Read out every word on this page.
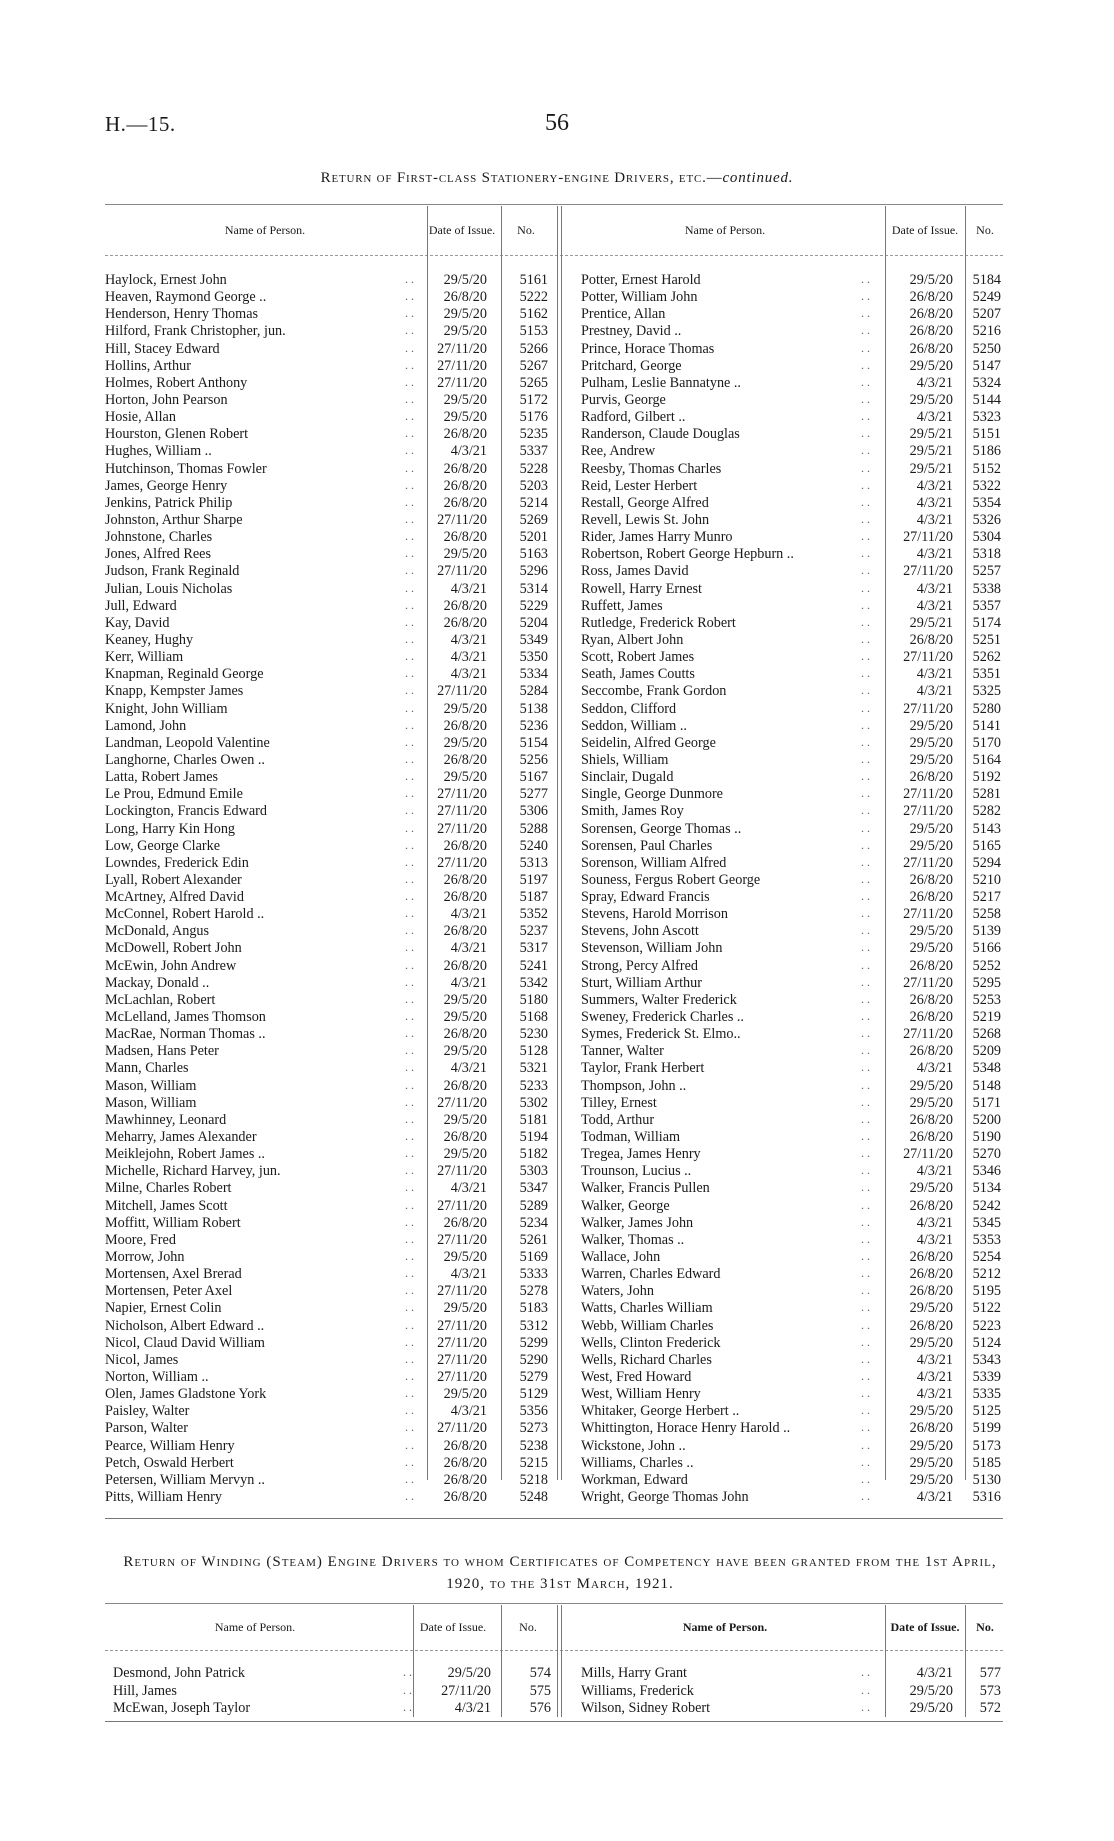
H.—15.	56
Return of First-class Stationery-engine Drivers, etc.—continued.
Name of Person.	Date of Issue.	No.	Name of Person.	Date of Issue.	No.
Haylock, Ernest John	. .	29/5/20	5161
Heaven, Raymond George ..	. .	26/8/20	5222
Henderson, Henry Thomas	. .	29/5/20	5162
Hilford, Frank Christopher, jun.	. .	29/5/20	5153
Hill, Stacey Edward	. .	27/11/20	5266
Hollins, Arthur	. .	27/11/20	5267
Holmes, Robert Anthony	. .	27/11/20	5265
Horton, John Pearson	. .	29/5/20	5172
Hosie, Allan	. .	29/5/20	5176
Hourston, Glenen Robert	. .	26/8/20	5235
Hughes, William ..	. .	4/3/21	5337
Hutchinson, Thomas Fowler	. .	26/8/20	5228
James, George Henry	. .	26/8/20	5203
Jenkins, Patrick Philip	. .	26/8/20	5214
Johnston, Arthur Sharpe	. .	27/11/20	5269
Johnstone, Charles	. .	26/8/20	5201
Jones, Alfred Rees	. .	29/5/20	5163
Judson, Frank Reginald	. .	27/11/20	5296
Julian, Louis Nicholas	. .	4/3/21	5314
Jull, Edward	. .	26/8/20	5229
Kay, David	. .	26/8/20	5204
Keaney, Hughy	. .	4/3/21	5349
Kerr, William	. .	4/3/21	5350
Knapman, Reginald George	. .	4/3/21	5334
Knapp, Kempster James	. .	27/11/20	5284
Knight, John William	. .	29/5/20	5138
Lamond, John	. .	26/8/20	5236
Landman, Leopold Valentine	. .	29/5/20	5154
Langhorne, Charles Owen ..	. .	26/8/20	5256
Latta, Robert James	. .	29/5/20	5167
Le Prou, Edmund Emile	. .	27/11/20	5277
Lockington, Francis Edward	. .	27/11/20	5306
Long, Harry Kin Hong	. .	27/11/20	5288
Low, George Clarke	. .	26/8/20	5240
Lowndes, Frederick Edin	. .	27/11/20	5313
Lyall, Robert Alexander	. .	26/8/20	5197
McArtney, Alfred David	. .	26/8/20	5187
McConnel, Robert Harold ..	. .	4/3/21	5352
McDonald, Angus	. .	26/8/20	5237
McDowell, Robert John	. .	4/3/21	5317
McEwin, John Andrew	. .	26/8/20	5241
Mackay, Donald ..	. .	4/3/21	5342
McLachlan, Robert	. .	29/5/20	5180
McLelland, James Thomson	. .	29/5/20	5168
MacRae, Norman Thomas ..	. .	26/8/20	5230
Madsen, Hans Peter	. .	29/5/20	5128
Mann, Charles	. .	4/3/21	5321
Mason, William	. .	26/8/20	5233
Mason, William	. .	27/11/20	5302
Mawhinney, Leonard	. .	29/5/20	5181
Meharry, James Alexander	. .	26/8/20	5194
Meiklejohn, Robert James ..	. .	29/5/20	5182
Michelle, Richard Harvey, jun.	. .	27/11/20	5303
Milne, Charles Robert	. .	4/3/21	5347
Mitchell, James Scott	. .	27/11/20	5289
Moffitt, William Robert	. .	26/8/20	5234
Moore, Fred	. .	27/11/20	5261
Morrow, John	. .	29/5/20	5169
Mortensen, Axel Brerad	. .	4/3/21	5333
Mortensen, Peter Axel	. .	27/11/20	5278
Napier, Ernest Colin	. .	29/5/20	5183
Nicholson, Albert Edward ..	. .	27/11/20	5312
Nicol, Claud David William	. .	27/11/20	5299
Nicol, James	. .	27/11/20	5290
Norton, William ..	. .	27/11/20	5279
Olen, James Gladstone York	. .	29/5/20	5129
Paisley, Walter	. .	4/3/21	5356
Parson, Walter	. .	27/11/20	5273
Pearce, William Henry	. .	26/8/20	5238
Petch, Oswald Herbert	. .	26/8/20	5215
Petersen, William Mervyn ..	. .	26/8/20	5218
Pitts, William Henry	. .	26/8/20	5248
Potter, Ernest Harold	. .	29/5/20	5184
Potter, William John	. .	26/8/20	5249
Prentice, Allan	. .	26/8/20	5207
Prestney, David ..	. .	26/8/20	5216
Prince, Horace Thomas	. .	26/8/20	5250
Pritchard, George	. .	29/5/20	5147
Pulham, Leslie Bannatyne ..	. .	4/3/21	5324
Purvis, George	. .	29/5/20	5144
Radford, Gilbert ..	. .	4/3/21	5323
Randerson, Claude Douglas	. .	29/5/21	5151
Ree, Andrew	. .	29/5/21	5186
Reesby, Thomas Charles	. .	29/5/21	5152
Reid, Lester Herbert	. .	4/3/21	5322
Restall, George Alfred	. .	4/3/21	5354
Revell, Lewis St. John	. .	4/3/21	5326
Rider, James Harry Munro	. .	27/11/20	5304
Robertson, Robert George Hepburn ..	. .	4/3/21	5318
Ross, James David	. .	27/11/20	5257
Rowell, Harry Ernest	. .	4/3/21	5338
Ruffett, James	. .	4/3/21	5357
Rutledge, Frederick Robert	. .	29/5/21	5174
Ryan, Albert John	. .	26/8/20	5251
Scott, Robert James	. .	27/11/20	5262
Seath, James Coutts	. .	4/3/21	5351
Seccombe, Frank Gordon	. .	4/3/21	5325
Seddon, Clifford	. .	27/11/20	5280
Seddon, William ..	. .	29/5/20	5141
Seidelin, Alfred George	. .	29/5/20	5170
Shiels, William	. .	29/5/20	5164
Sinclair, Dugald	. .	26/8/20	5192
Single, George Dunmore	. .	27/11/20	5281
Smith, James Roy	. .	27/11/20	5282
Sorensen, George Thomas ..	. .	29/5/20	5143
Sorensen, Paul Charles	. .	29/5/20	5165
Sorenson, William Alfred	. .	27/11/20	5294
Souness, Fergus Robert George	. .	26/8/20	5210
Spray, Edward Francis	. .	26/8/20	5217
Stevens, Harold Morrison	. .	27/11/20	5258
Stevens, John Ascott	. .	29/5/20	5139
Stevenson, William John	. .	29/5/20	5166
Strong, Percy Alfred	. .	26/8/20	5252
Sturt, William Arthur	. .	27/11/20	5295
Summers, Walter Frederick	. .	26/8/20	5253
Sweney, Frederick Charles ..	. .	26/8/20	5219
Symes, Frederick St. Elmo..	. .	27/11/20	5268
Tanner, Walter	. .	26/8/20	5209
Taylor, Frank Herbert	. .	4/3/21	5348
Thompson, John ..	. .	29/5/20	5148
Tilley, Ernest	. .	29/5/20	5171
Todd, Arthur	. .	26/8/20	5200
Todman, William	. .	26/8/20	5190
Tregea, James Henry	. .	27/11/20	5270
Trounson, Lucius ..	. .	4/3/21	5346
Walker, Francis Pullen	. .	29/5/20	5134
Walker, George	. .	26/8/20	5242
Walker, James John	. .	4/3/21	5345
Walker, Thomas ..	. .	4/3/21	5353
Wallace, John	. .	26/8/20	5254
Warren, Charles Edward	. .	26/8/20	5212
Waters, John	. .	26/8/20	5195
Watts, Charles William	. .	29/5/20	5122
Webb, William Charles	. .	26/8/20	5223
Wells, Clinton Frederick	. .	29/5/20	5124
Wells, Richard Charles	. .	4/3/21	5343
West, Fred Howard	. .	4/3/21	5339
West, William Henry	. .	4/3/21	5335
Whitaker, George Herbert ..	. .	29/5/20	5125
Whittington, Horace Henry Harold ..	. .	26/8/20	5199
Wickstone, John ..	. .	29/5/20	5173
Williams, Charles ..	. .	29/5/20	5185
Workman, Edward	. .	29/5/20	5130
Wright, George Thomas John	. .	4/3/21	5316
Return of Winding (Steam) Engine Drivers to whom Certificates of Competency have been granted from the 1st April, 1920, to the 31st March, 1921.
Name of Person.	Date of Issue.	No.	Name of Person.	Date of Issue.	No.
Desmond, John Patrick	. .	29/5/20	574
Hill, James	. .	27/11/20	575
McEwan, Joseph Taylor	. .	4/3/21	576
Mills, Harry Grant	. .	4/3/21	577
Williams, Frederick	. .	29/5/20	573
Wilson, Sidney Robert	. .	29/5/20	572
